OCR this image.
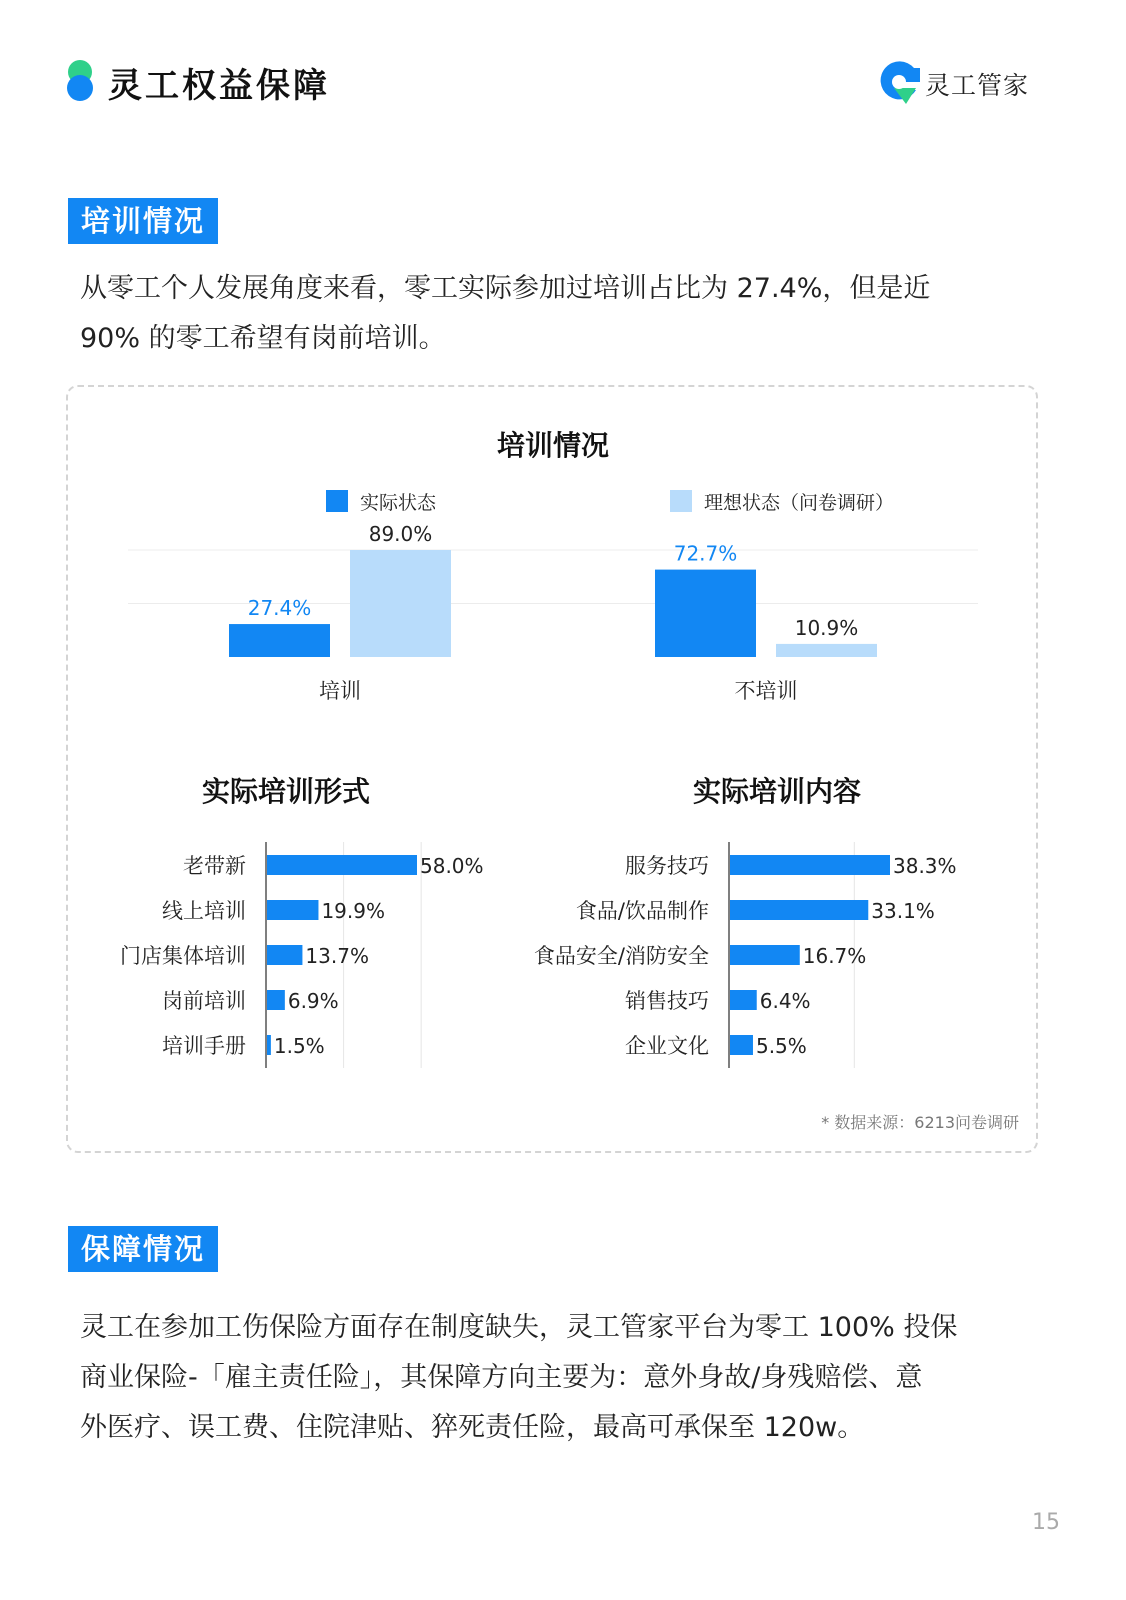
灵工权益保障	灵工管家
培训情况
从零工个人发展角度来看，零工实际参加过培训占比为 27.4%，但是近
90% 的零工希望有岗前培训。
培训情况
实际状态	理想状态（问卷调研）
27.4%
89.0%
培训
72.7%
10.9%
不培训
实际培训形式
老带新	58.0%
线上培训	19.9%
门店集体培训	13.7%
岗前培训 6.9%
培训手册 1.5%
实际培训内容
服务技巧	38.3%
食品/饮品制作	33.1%
食品安全/消防安全	16.7%
销售技巧	6.4%
企业文化 5.5%
* 数据来源：6213问卷调研
保障情况
灵工在参加工伤保险方面存在制度缺失，灵工管家平台为零工 100% 投保
商业保险-「雇主责任险」，其保障方向主要为：意外身故/身残赔偿、意
外医疗、误工费、住院津贴、猝死责任险，最高可承保至 120w。
15
